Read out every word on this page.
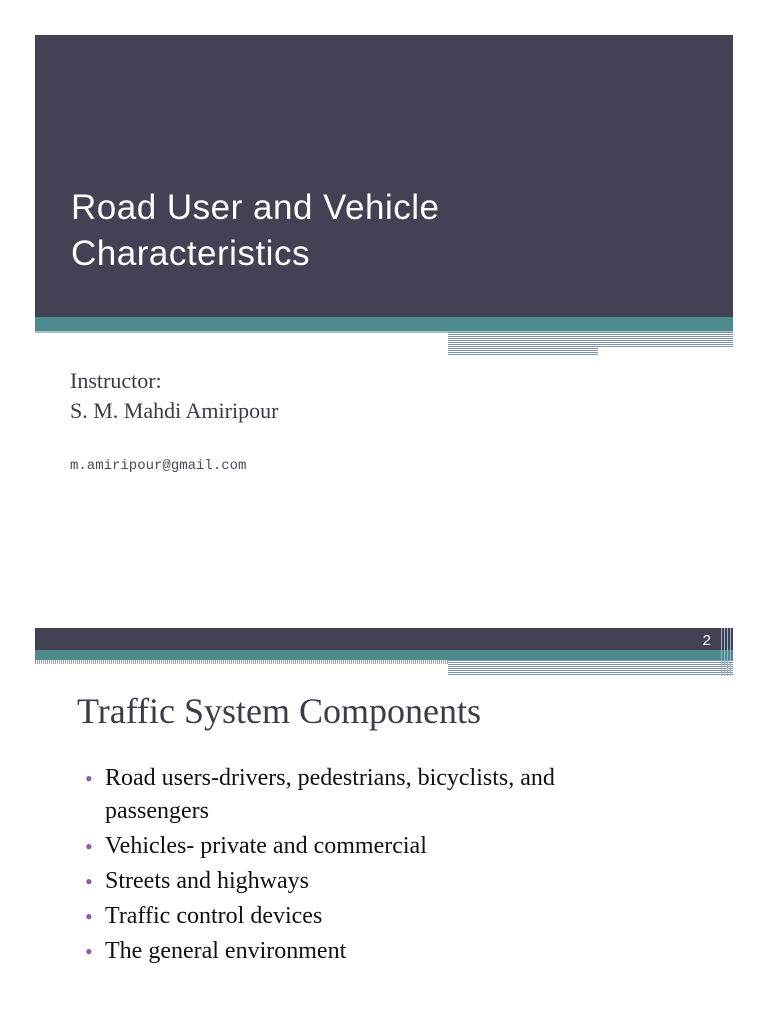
Road User and Vehicle
Characteristics

Instructor:
S. M. Mahdi Amiripour

m.amiripour@gmail.com

2
Traffic System Components
• Road users-drivers, pedestrians, bicyclists, and passengers
• Vehicles- private and commercial
• Streets and highways
• Traffic control devices
• The general environment
